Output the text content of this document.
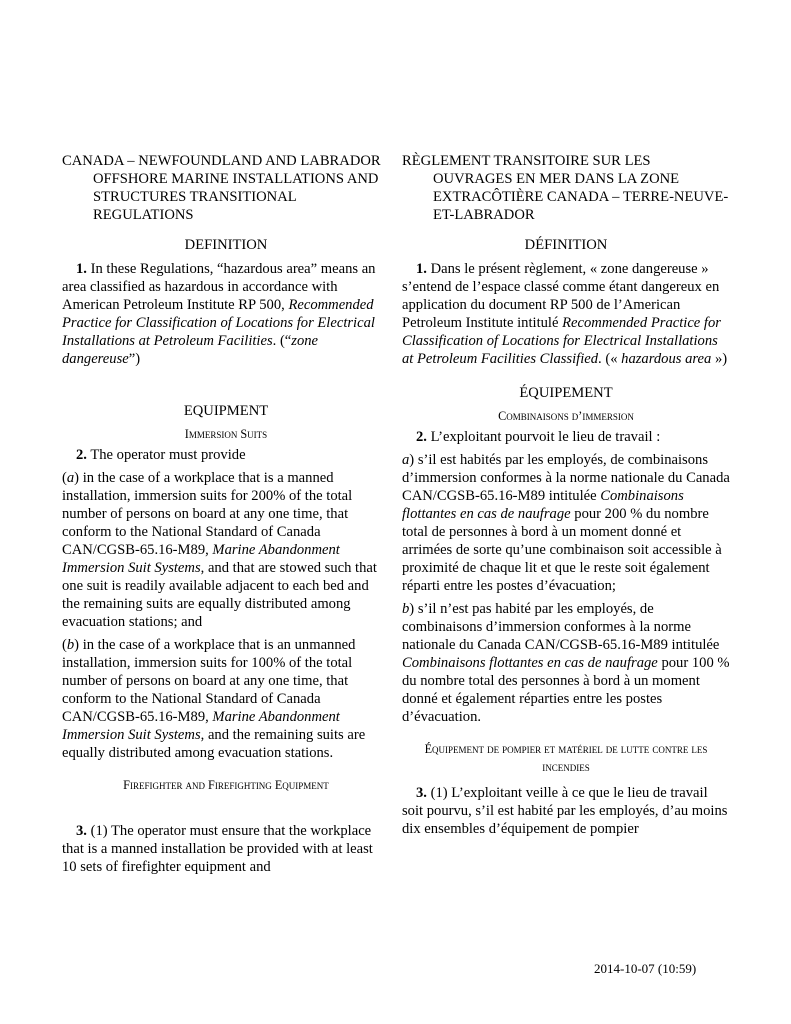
CANADA – NEWFOUNDLAND AND LABRADOR OFFSHORE MARINE INSTALLATIONS AND STRUCTURES TRANSITIONAL REGULATIONS

DEFINITION

1. In these Regulations, “hazardous area” means an area classified as hazardous in accordance with American Petroleum Institute RP 500, Recommended Practice for Classification of Locations for Electrical Installations at Petroleum Facilities. (“zone dangereuse”)

EQUIPMENT

Immersion Suits

2. The operator must provide

(a) in the case of a workplace that is a manned installation, immersion suits for 200% of the total number of persons on board at any one time, that conform to the National Standard of Canada CAN/CGSB-65.16-M89, Marine Abandonment Immersion Suit Systems, and that are stowed such that one suit is readily available adjacent to each bed and the remaining suits are equally distributed among evacuation stations; and

(b) in the case of a workplace that is an unmanned installation, immersion suits for 100% of the total number of persons on board at any one time, that conform to the National Standard of Canada CAN/CGSB-65.16-M89, Marine Abandonment Immersion Suit Systems, and the remaining suits are equally distributed among evacuation stations.

Firefighter and Firefighting Equipment

3. (1) The operator must ensure that the workplace that is a manned installation be provided with at least 10 sets of firefighter equipment and

RÈGLEMENT TRANSITOIRE SUR LES OUVRAGES EN MER DANS LA ZONE EXTRACÔTIÈRE CANADA – TERRE-NEUVE-ET-LABRADOR

DÉFINITION

1. Dans le présent règlement, « zone dangereuse » s’entend de l’espace classé comme étant dangereux en application du document RP 500 de l’American Petroleum Institute intitulé Recommended Practice for Classification of Locations for Electrical Installations at Petroleum Facilities Classified. (« hazardous area »)

ÉQUIPEMENT

Combinaisons d’immersion

2. L’exploitant pourvoit le lieu de travail :

a) s’il est habités par les employés, de combinaisons d’immersion conformes à la norme nationale du Canada CAN/CGSB-65.16-M89 intitulée Combinaisons flottantes en cas de naufrage pour 200 % du nombre total de personnes à bord à un moment donné et arrimées de sorte qu’une combinaison soit accessible à proximité de chaque lit et que le reste soit également réparti entre les postes d’évacuation;

b) s’il n’est pas habité par les employés, de combinaisons d’immersion conformes à la norme nationale du Canada CAN/CGSB-65.16-M89 intitulée Combinaisons flottantes en cas de naufrage pour 100 % du nombre total des personnes à bord à un moment donné et également réparties entre les postes d’évacuation.

Équipement de pompier et matériel de lutte contre les incendies

3. (1) L’exploitant veille à ce que le lieu de travail soit pourvu, s’il est habité par les employés, d’au moins dix ensembles d’équipement de pompier

2014-10-07 (10:59)
